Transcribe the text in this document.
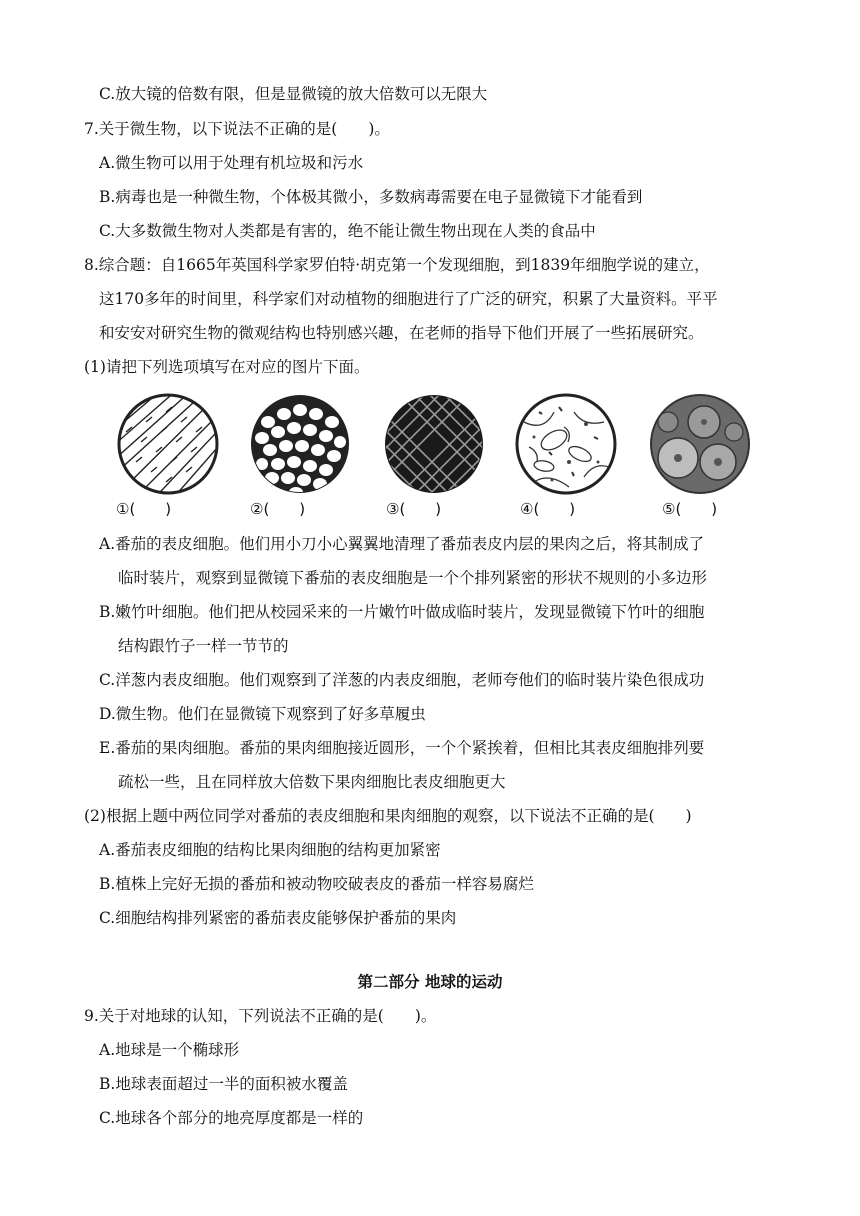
C.放大镜的倍数有限，但是显微镜的放大倍数可以无限大
7.关于微生物，以下说法不正确的是(　　)。
A.微生物可以用于处理有机垃圾和污水
B.病毒也是一种微生物，个体极其微小，多数病毒需要在电子显微镜下才能看到
C.大多数微生物对人类都是有害的，绝不能让微生物出现在人类的食品中
8.综合题：自1665年英国科学家罗伯特·胡克第一个发现细胞，到1839年细胞学说的建立，
这170多年的时间里，科学家们对动植物的细胞进行了广泛的研究，积累了大量资料。平平
和安安对研究生物的微观结构也特别感兴趣，在老师的指导下他们开展了一些拓展研究。
(1)请把下列选项填写在对应的图片下面。
①(　　)	②(　　)	③(　　)	④(　　)	⑤(　　)
A.番茄的表皮细胞。他们用小刀小心翼翼地清理了番茄表皮内层的果肉之后，将其制成了
临时装片，观察到显微镜下番茄的表皮细胞是一个个排列紧密的形状不规则的小多边形
B.嫩竹叶细胞。他们把从校园采来的一片嫩竹叶做成临时装片，发现显微镜下竹叶的细胞
结构跟竹子一样一节节的
C.洋葱内表皮细胞。他们观察到了洋葱的内表皮细胞，老师夸他们的临时装片染色很成功
D.微生物。他们在显微镜下观察到了好多草履虫
E.番茄的果肉细胞。番茄的果肉细胞接近圆形，一个个紧挨着，但相比其表皮细胞排列要
疏松一些，且在同样放大倍数下果肉细胞比表皮细胞更大
(2)根据上题中两位同学对番茄的表皮细胞和果肉细胞的观察，以下说法不正确的是(　　)
A.番茄表皮细胞的结构比果肉细胞的结构更加紧密
B.植株上完好无损的番茄和被动物咬破表皮的番茄一样容易腐烂
C.细胞结构排列紧密的番茄表皮能够保护番茄的果肉
第二部分 地球的运动
9.关于对地球的认知，下列说法不正确的是(　　)。
A.地球是一个椭球形
B.地球表面超过一半的面积被水覆盖
C.地球各个部分的地亮厚度都是一样的
